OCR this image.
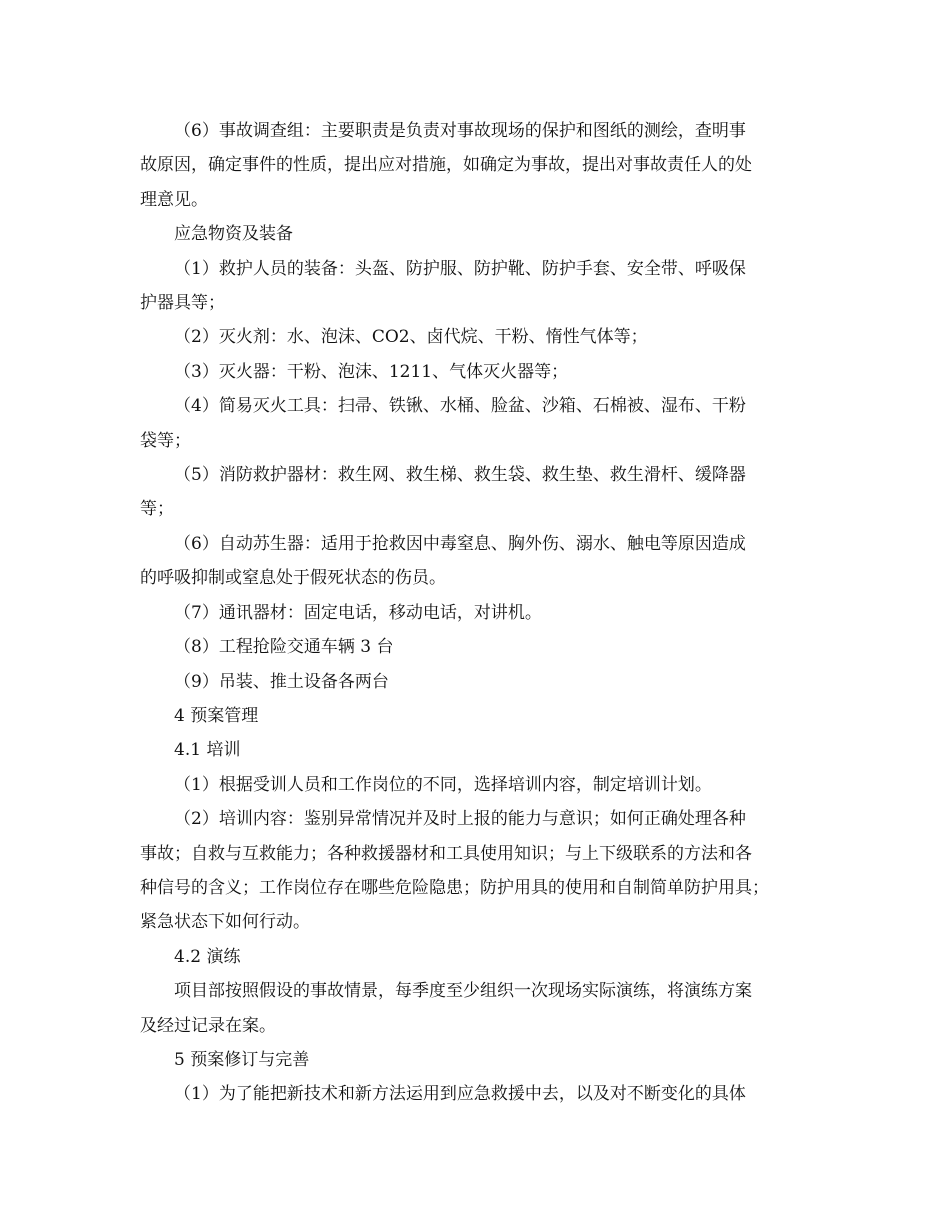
（6）事故调查组：主要职责是负责对事故现场的保护和图纸的测绘，查明事
故原因，确定事件的性质，提出应对措施，如确定为事故，提出对事故责任人的处
理意见。

应急物资及装备

（1）救护人员的装备：头盔、防护服、防护靴、防护手套、安全带、呼吸保
护器具等；

（2）灭火剂：水、泡沫、CO2、卤代烷、干粉、惰性气体等；

（3）灭火器：干粉、泡沫、1211、气体灭火器等；

（4）简易灭火工具：扫帚、铁锹、水桶、脸盆、沙箱、石棉被、湿布、干粉
袋等；

（5）消防救护器材：救生网、救生梯、救生袋、救生垫、救生滑杆、缓降器
等；

（6）自动苏生器：适用于抢救因中毒窒息、胸外伤、溺水、触电等原因造成
的呼吸抑制或窒息处于假死状态的伤员。

（7）通讯器材：固定电话，移动电话，对讲机。

（8）工程抢险交通车辆 3 台

（9）吊装、推土设备各两台

4 预案管理

4.1 培训

（1）根据受训人员和工作岗位的不同，选择培训内容，制定培训计划。

（2）培训内容：鉴别异常情况并及时上报的能力与意识；如何正确处理各种
事故；自救与互救能力；各种救援器材和工具使用知识；与上下级联系的方法和各
种信号的含义；工作岗位存在哪些危险隐患；防护用具的使用和自制简单防护用具；
紧急状态下如何行动。

4.2 演练

项目部按照假设的事故情景，每季度至少组织一次现场实际演练，将演练方案
及经过记录在案。

5 预案修订与完善

（1）为了能把新技术和新方法运用到应急救援中去，以及对不断变化的具体
